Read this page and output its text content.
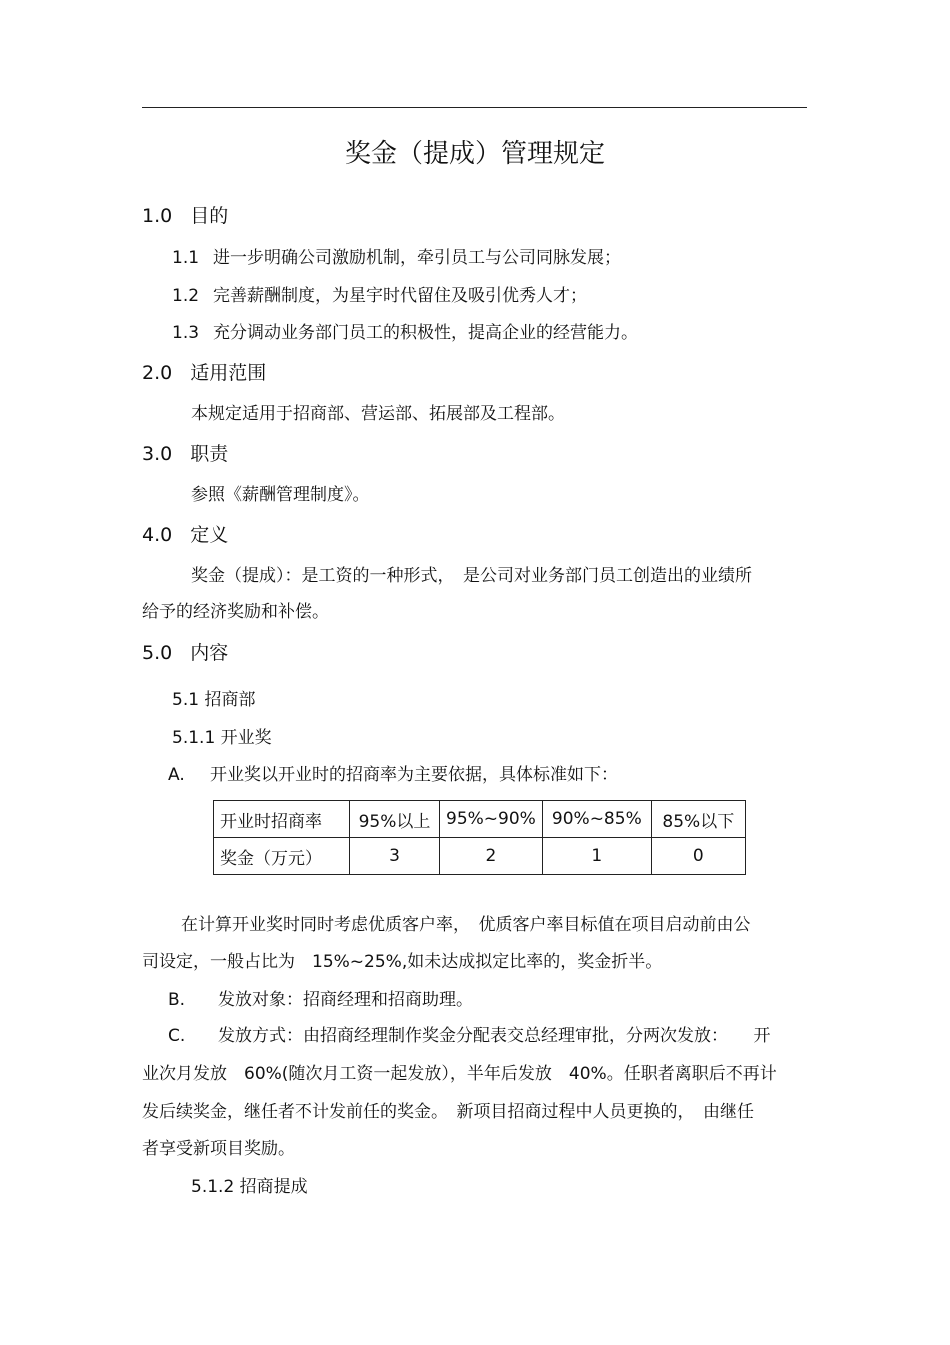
奖金（提成）管理规定
1.0 目的
1.1 进一步明确公司激励机制，牵引员工与公司同脉发展；
1.2 完善薪酬制度，为星宇时代留住及吸引优秀人才；
1.3 充分调动业务部门员工的积极性，提高企业的经营能力。
2.0 适用范围
本规定适用于招商部、营运部、拓展部及工程部。
3.0 职责
参照《薪酬管理制度》。
4.0 定义
奖金（提成）：是工资的一种形式，　是公司对业务部门员工创造出的业绩所
给予的经济奖励和补偿。
5.0 内容
5.1 招商部
5.1.1 开业奖
A. 开业奖以开业时的招商率为主要依据，具体标准如下：
开业时招商率	95%以上	95%~90%	90%~85%	85%以下
奖金（万元）	3	2	1	0
在计算开业奖时同时考虑优质客户率，　优质客户率目标值在项目启动前由公
司设定，一般占比为　15%~25%,如未达成拟定比率的，奖金折半。
B. 发放对象：招商经理和招商助理。
C. 发放方式：由招商经理制作奖金分配表交总经理审批，分两次发放：　　开
业次月发放　60%(随次月工资一起发放），半年后发放　40%。任职者离职后不再计
发后续奖金，继任者不计发前任的奖金。　新项目招商过程中人员更换的，　由继任
者享受新项目奖励。
5.1.2 招商提成
